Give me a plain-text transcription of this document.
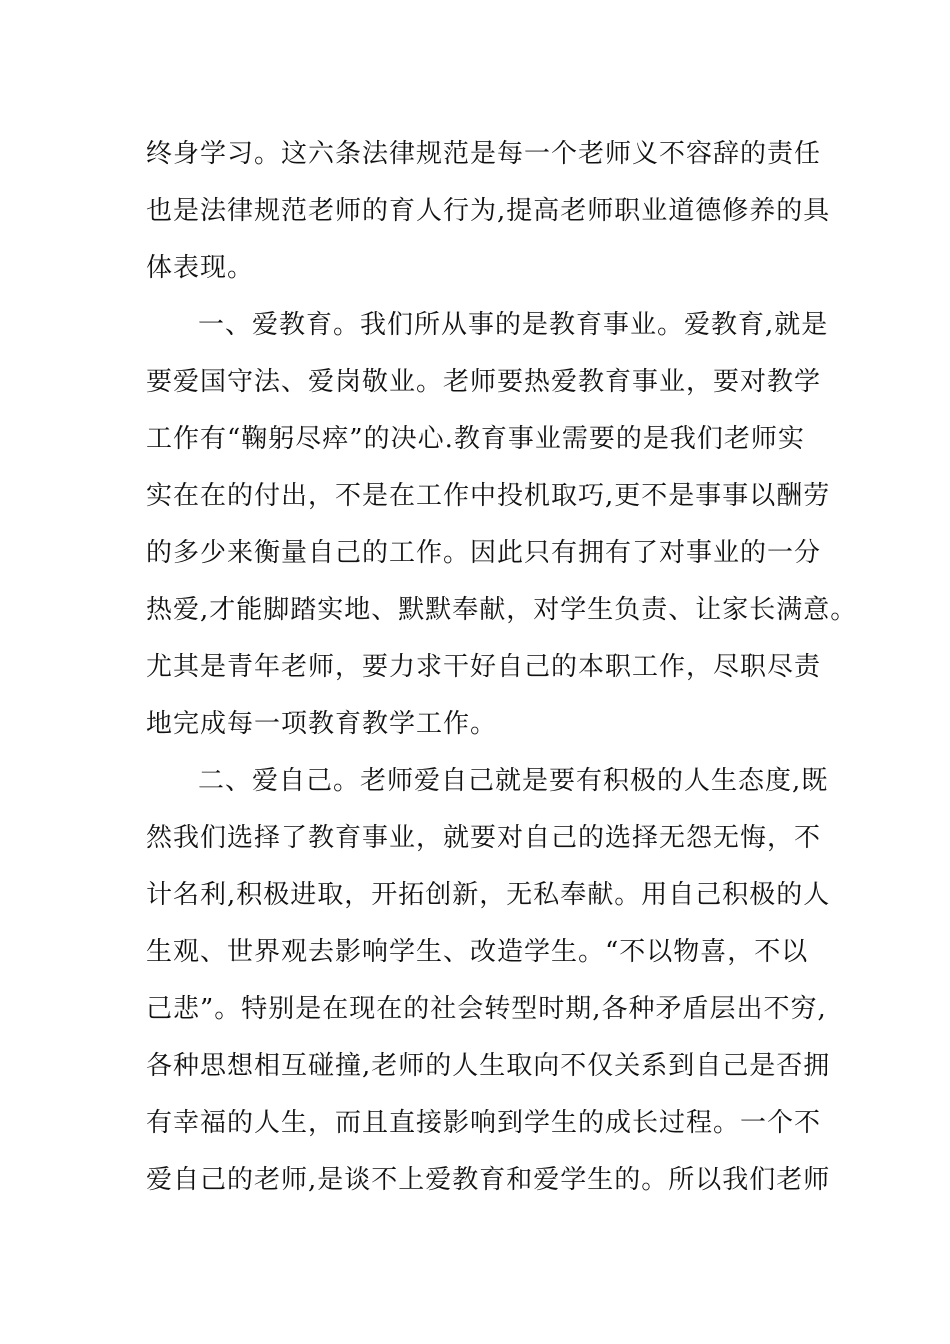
终身学习。这六条法律规范是每一个老师义不容辞的责任
也是法律规范老师的育人行为,提高老师职业道德修养的具
体表现。
一、爱教育。我们所从事的是教育事业。爱教育,就是
要爱国守法、爱岗敬业。老师要热爱教育事业，要对教学
工作有“鞠躬尽瘁”的决心.教育事业需要的是我们老师实
实在在的付出，不是在工作中投机取巧,更不是事事以酬劳
的多少来衡量自己的工作。因此只有拥有了对事业的一分
热爱,才能脚踏实地、默默奉献，对学生负责、让家长满意。
尤其是青年老师，要力求干好自己的本职工作，尽职尽责
地完成每一项教育教学工作。
二、爱自己。老师爱自己就是要有积极的人生态度,既
然我们选择了教育事业，就要对自己的选择无怨无悔，不
计名利,积极进取，开拓创新，无私奉献。用自己积极的人
生观、世界观去影响学生、改造学生。“不以物喜，不以
己悲”。特别是在现在的社会转型时期,各种矛盾层出不穷,
各种思想相互碰撞,老师的人生取向不仅关系到自己是否拥
有幸福的人生，而且直接影响到学生的成长过程。一个不
爱自己的老师,是谈不上爱教育和爱学生的。所以我们老师
